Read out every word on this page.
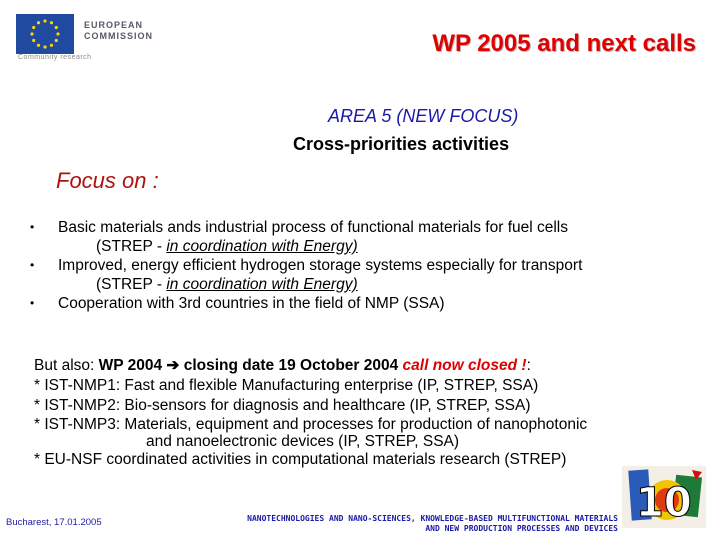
EUROPEAN
COMMISSION
Community research
WP 2005 and next calls
AREA 5 (NEW FOCUS)
Cross-priorities activities
Focus on :
• Basic materials ands industrial process of functional materials for fuel cells
(STREP - in coordination with Energy)
• Improved, energy efficient hydrogen storage systems especially for transport
(STREP - in coordination with Energy)
• Cooperation with 3rd countries in the field of NMP (SSA)
But also: WP 2004 ➔ closing date 19 October 2004 call now closed !:
* IST-NMP1: Fast and flexible Manufacturing enterprise (IP, STREP, SSA)
* IST-NMP2: Bio-sensors for diagnosis and healthcare (IP, STREP, SSA)
* IST-NMP3: Materials, equipment and processes for production of nanophotonic
and nanoelectronic devices (IP, STREP, SSA)
* EU-NSF coordinated activities in computational materials research (STREP)
Bucharest, 17.01.2005	NANOTECHNOLOGIES AND NANO-SCIENCES, KNOWLEDGE-BASED MULTIFUNCTIONAL MATERIALS
AND NEW PRODUCTION PROCESSES AND DEVICES
10
